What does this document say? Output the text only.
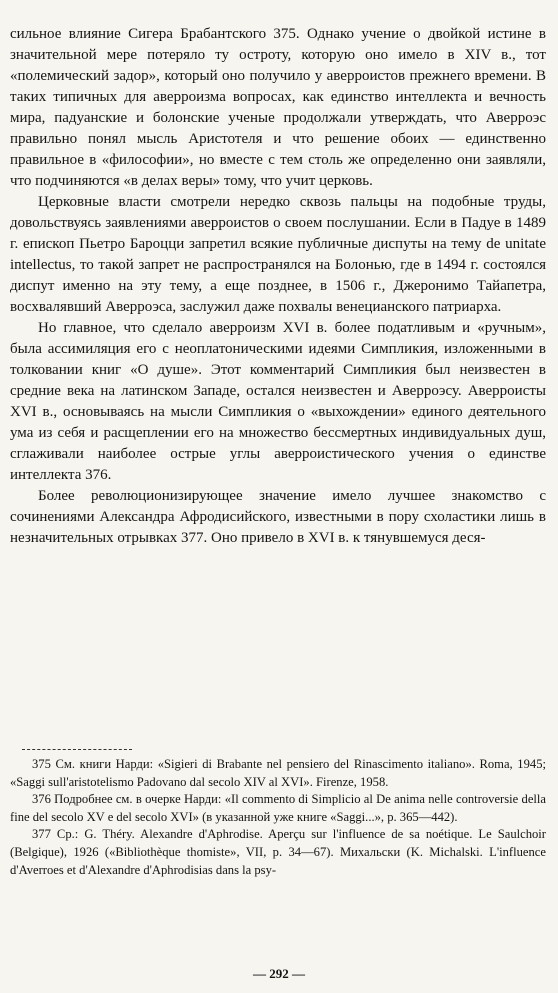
сильное влияние Сигера Брабантского 375. Однако учение о двойкой истине в значительной мере потеряло ту остроту, которую оно имело в XIV в., тот «полемический задор», который оно получило у аверроистов прежнего времени. В таких типичных для аверроизма вопросах, как единство интеллекта и вечность мира, падуанские и болонские ученые продолжали утверждать, что Аверроэс правильно понял мысль Аристотеля и что решение обоих — единственно правильное в «философии», но вместе с тем столь же определенно они заявляли, что подчиняются «в делах веры» тому, что учит церковь.

Церковные власти смотрели нередко сквозь пальцы на подобные труды, довольствуясь заявлениями аверроистов о своем послушании. Если в Падуе в 1489 г. епископ Пьетро Бароцци запретил всякие публичные диспуты на тему de unitate intellectus, то такой запрет не распространялся на Болонью, где в 1494 г. состоялся диспут именно на эту тему, а еще позднее, в 1506 г., Джеронимо Тайапетра, восхвалявший Аверроэса, заслужил даже похвалы венецианского патриарха.

Но главное, что сделало аверроизм XVI в. более податливым и «ручным», была ассимиляция его с неоплатоническими идеями Симпликия, изложенными в толковании книг «О душе». Этот комментарий Симпликия был неизвестен в средние века на латинском Западе, остался неизвестен и Аверроэсу. Аверроисты XVI в., основываясь на мысли Симпликия о «выхождении» единого деятельного ума из себя и расщеплении его на множество бессмертных индивидуальных душ, сглаживали наиболее острые углы аверроистического учения о единстве интеллекта 376.

Более революционизирующее значение имело лучшее знакомство с сочинениями Александра Афродисийского, известными в пору схоластики лишь в незначительных отрывках 377. Оно привело в XVI в. к тянувшемуся деся-

375 См. книги Нарди: «Sigieri di Brabante nel pensiero del Rinascimento italiano». Roma, 1945; «Saggi sull'aristotelismo Padovano dal secolo XIV al XVI». Firenze, 1958.

376 Подробнее см. в очерке Нарди: «Il commento di Simplicio al De anima nelle controversie della fine del secolo XV e del secolo XVI» (в указанной уже книге «Saggi...», p. 365—442).

377 Ср.: G. Théry. Alexandre d'Aphrodise. Aperçu sur l'influence de sa noétique. Le Saulchoir (Belgique), 1926 («Bibliothèque thomiste», VII, p. 34—67). Михальски (K. Michalski. L'influence d'Averroes et d'Alexandre d'Aphrodisias dans la psy-

— 292 —
